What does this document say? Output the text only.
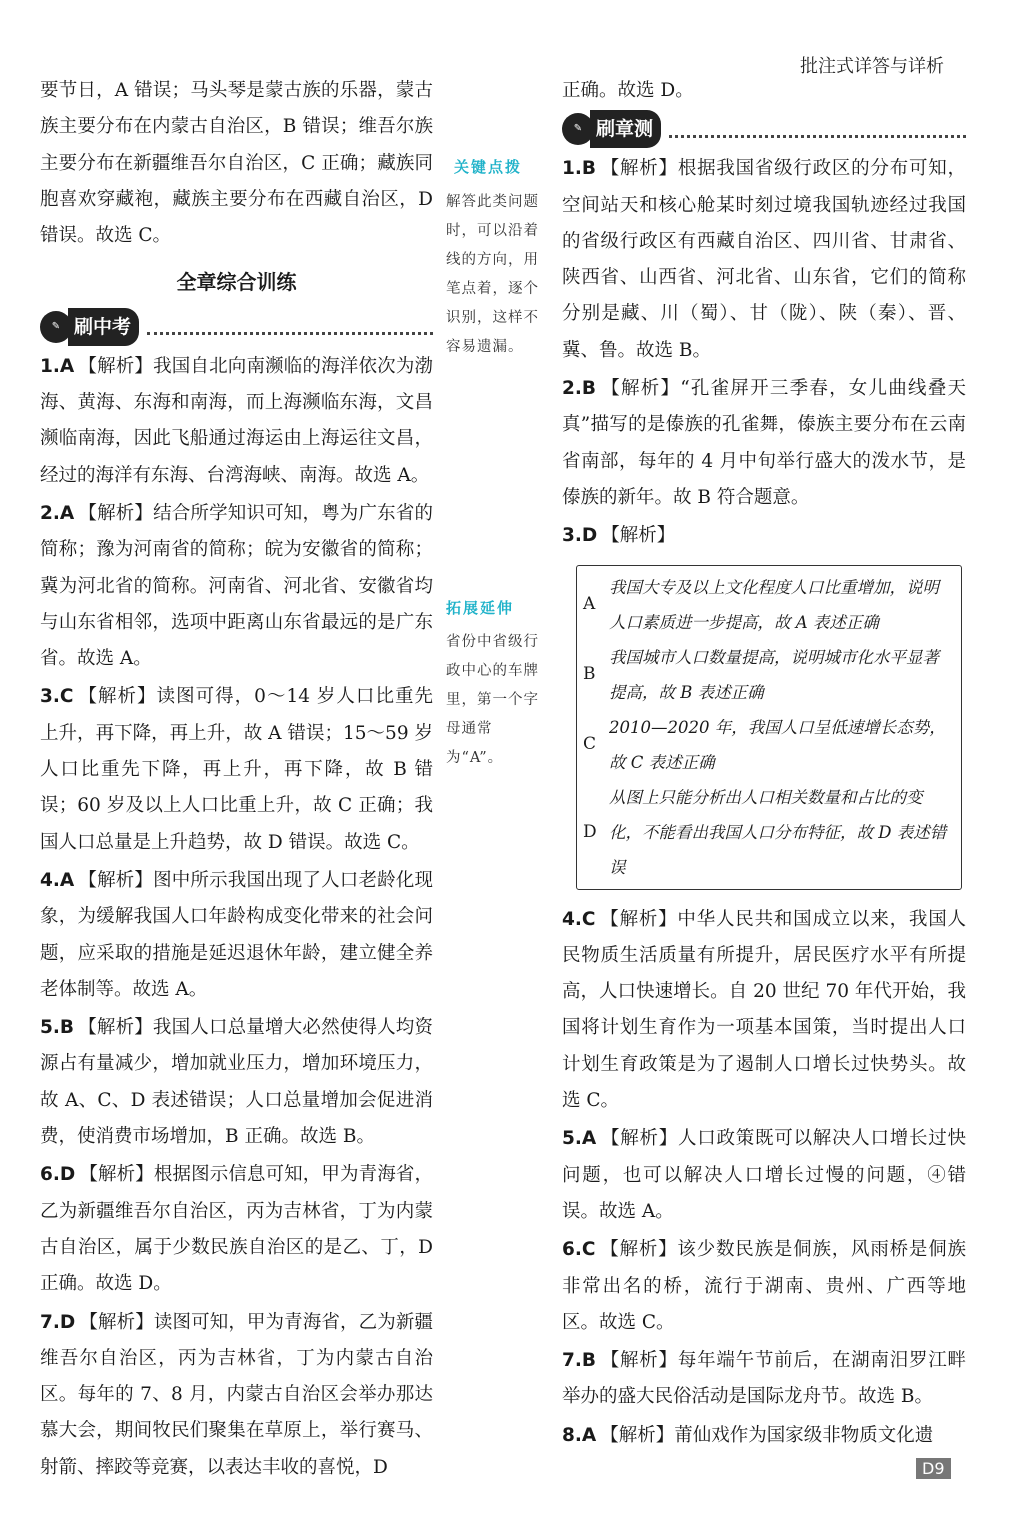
批注式详答与详析

要节日，A 错误；马头琴是蒙古族的乐器，蒙古族主要分布在内蒙古自治区，B 错误；维吾尔族主要分布在新疆维吾尔自治区，C 正确；藏族同胞喜欢穿藏袍，藏族主要分布在西藏自治区，D 错误。故选 C。

全章综合训练
✎ 刷中考

1.A 【解析】我国自北向南濒临的海洋依次为渤海、黄海、东海和南海，而上海濒临东海，文昌濒临南海，因此飞船通过海运由上海运往文昌，经过的海洋有东海、台湾海峡、南海。故选 A。

2.A 【解析】结合所学知识可知，粤为广东省的简称；豫为河南省的简称；皖为安徽省的简称；冀为河北省的简称。河南省、河北省、安徽省均与山东省相邻，选项中距离山东省最远的是广东省。故选 A。

3.C 【解析】读图可得，0～14 岁人口比重先上升，再下降，再上升，故 A 错误；15～59 岁人口比重先下降，再上升，再下降，故 B 错误；60 岁及以上人口比重上升，故 C 正确；我国人口总量是上升趋势，故 D 错误。故选 C。

4.A 【解析】图中所示我国出现了人口老龄化现象，为缓解我国人口年龄构成变化带来的社会问题，应采取的措施是延迟退休年龄，建立健全养老体制等。故选 A。

5.B 【解析】我国人口总量增大必然使得人均资源占有量减少，增加就业压力，增加环境压力，故 A、C、D 表述错误；人口总量增加会促进消费，使消费市场增加，B 正确。故选 B。

6.D 【解析】根据图示信息可知，甲为青海省，乙为新疆维吾尔自治区，丙为吉林省，丁为内蒙古自治区，属于少数民族自治区的是乙、丁，D 正确。故选 D。

7.D 【解析】读图可知，甲为青海省，乙为新疆维吾尔自治区，丙为吉林省，丁为内蒙古自治区。每年的 7、8 月，内蒙古自治区会举办那达慕大会，期间牧民们聚集在草原上，举行赛马、射箭、摔跤等竞赛，以表达丰收的喜悦，D

关键点拨
解答此类问题时，可以沿着线的方向，用笔点着，逐个识别，这样不容易遗漏。
拓展延伸
省份中省级行政中心的车牌里，第一个字母通常为“A”。

正确。故选 D。

✎ 刷章测

1.B 【解析】根据我国省级行政区的分布可知，空间站天和核心舱某时刻过境我国轨迹经过我国的省级行政区有西藏自治区、四川省、甘肃省、陕西省、山西省、河北省、山东省，它们的简称分别是藏、川（蜀）、甘（陇）、陕（秦）、晋、冀、鲁。故选 B。

2.B 【解析】“孔雀屏开三季春，女儿曲线叠天真”描写的是傣族的孔雀舞，傣族主要分布在云南省南部，每年的 4 月中旬举行盛大的泼水节，是傣族的新年。故 B 符合题意。

3.D 【解析】

A
我国大专及以上文化程度人口比重增加，说明人口素质进一步提高，故 A 表述正确
B
我国城市人口数量提高，说明城市化水平显著提高，故 B 表述正确
C
2010—2020 年，我国人口呈低速增长态势，故 C 表述正确
D
从图上只能分析出人口相关数量和占比的变化，不能看出我国人口分布特征，故 D 表述错误

4.C 【解析】中华人民共和国成立以来，我国人民物质生活质量有所提升，居民医疗水平有所提高，人口快速增长。自 20 世纪 70 年代开始，我国将计划生育作为一项基本国策，当时提出人口计划生育政策是为了遏制人口增长过快势头。故选 C。

5.A 【解析】人口政策既可以解决人口增长过快问题，也可以解决人口增长过慢的问题，④错误。故选 A。

6.C 【解析】该少数民族是侗族，风雨桥是侗族非常出名的桥，流行于湖南、贵州、广西等地区。故选 C。

7.B 【解析】每年端午节前后，在湖南汨罗江畔举办的盛大民俗活动是国际龙舟节。故选 B。

8.A 【解析】莆仙戏作为国家级非物质文化遗

D9
